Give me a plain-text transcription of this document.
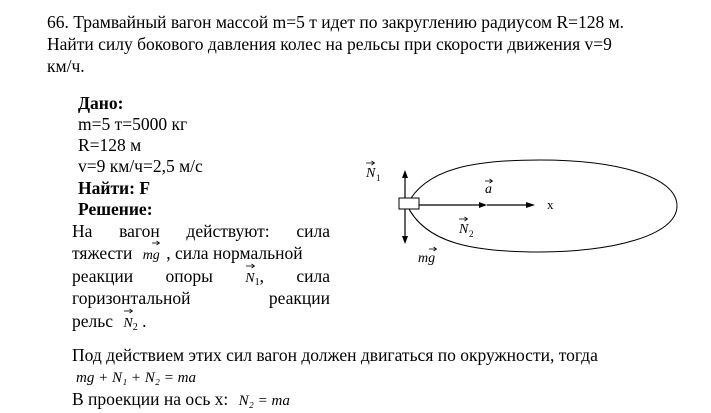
66. Трамвайный вагон массой m=5 т идет по закруглению радиусом R=128 м.
Найти силу бокового давления колес на рельсы при скорости движения v=9
км/ч.
Дано:
m=5 т=5000 кг
R=128 м
v=9 км/ч=2,5 м/с
Найти: F
Решение:
На вагон действуют: сила
тяжести mg , сила нормальной
реакции опоры N1, сила
горизонтальной	реакции
рельс N2 .
Под действием этих сил вагон должен двигаться по окружности, тогда
mg + N₁ + N₂ = ma
В проекции на ось x: N₂ = ma
N 1
a
x
N 2
mg
